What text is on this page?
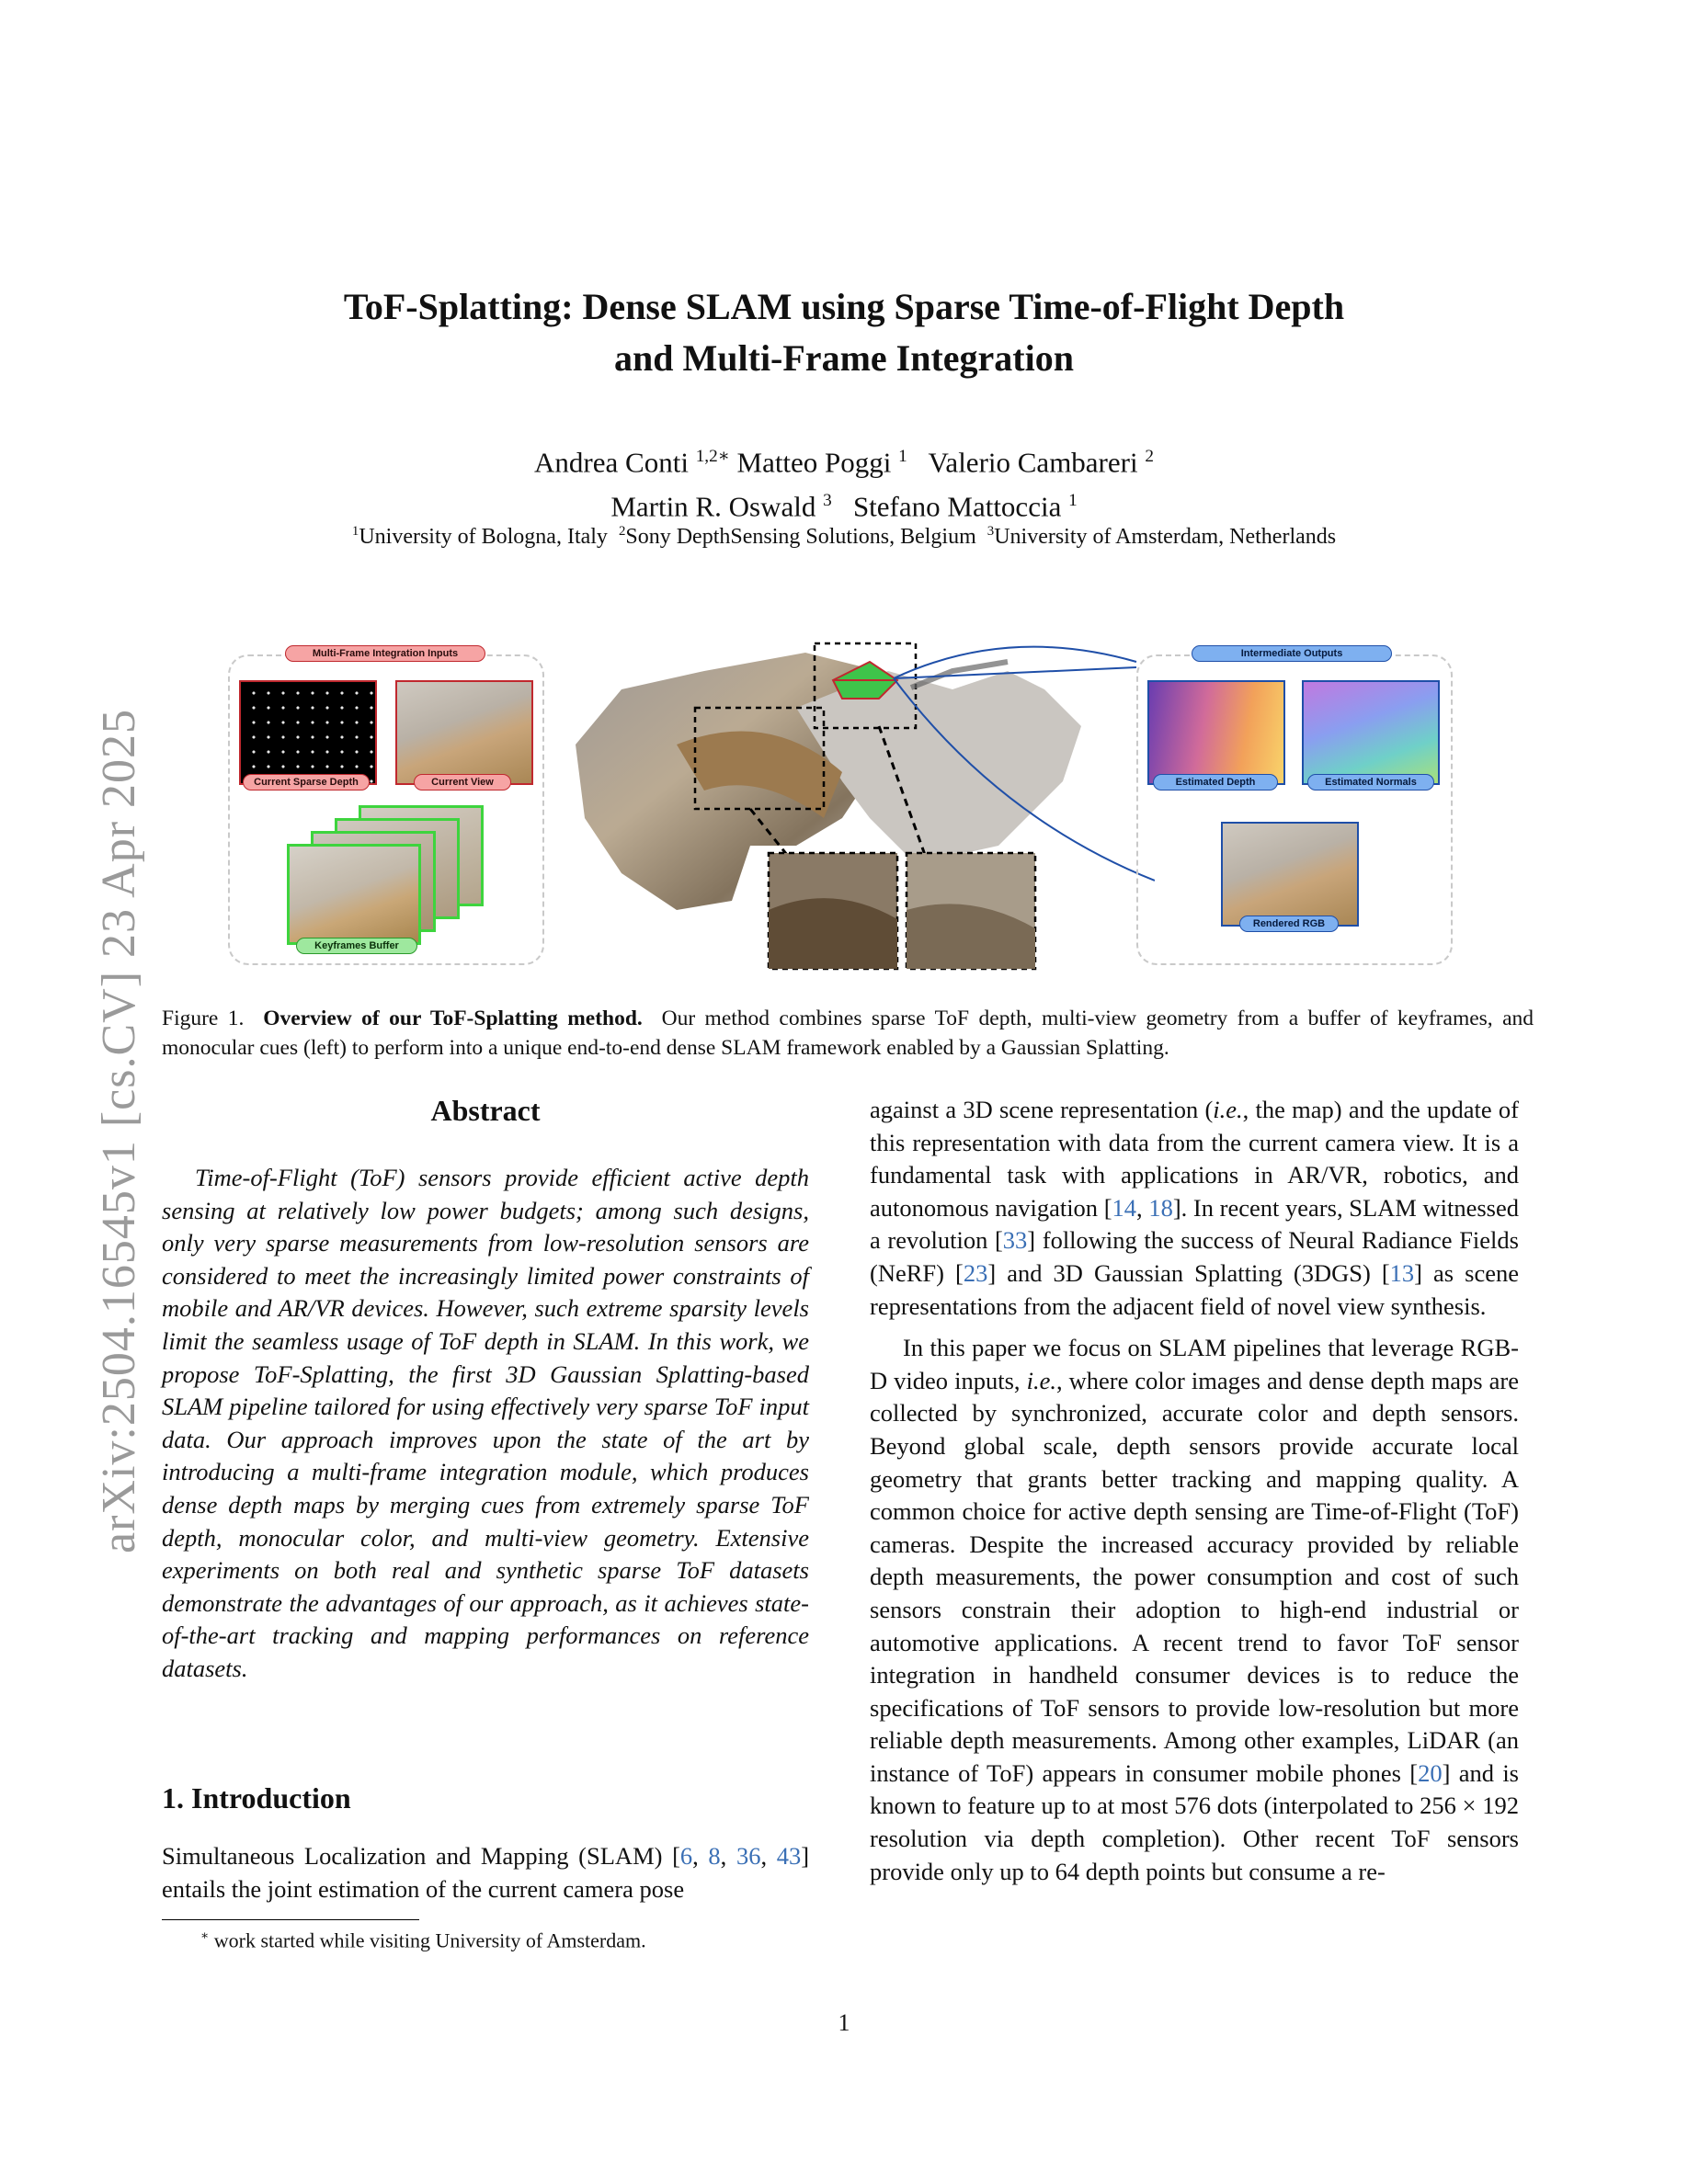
arXiv:2504.16545v1 [cs.CV] 23 Apr 2025
ToF-Splatting: Dense SLAM using Sparse Time-of-Flight Depth
and Multi-Frame Integration
Andrea Conti $^{1,2∗}$ Matteo Poggi $^1$ Valerio Cambareri $^2$
Martin R. Oswald $^3$ Stefano Mattoccia $^1$
$^1$University of Bologna, Italy $^2$Sony DepthSensing Solutions, Belgium $^3$University of Amsterdam, Netherlands
Multi-Frame Integration Inputs
Current Sparse Depth	Current View
Keyframes Buffer
Intermediate Outputs
Estimated Depth	Estimated Normals
Rendered RGB
Figure 1. Overview of our ToF-Splatting method. Our method combines sparse ToF depth, multi-view geometry from a buffer of keyframes, and monocular cues (left) to perform into a unique end-to-end dense SLAM framework enabled by a Gaussian Splatting.
Abstract
Time-of-Flight (ToF) sensors provide efficient active depth sensing at relatively low power budgets; among such designs, only very sparse measurements from low-resolution sensors are considered to meet the increasingly limited power constraints of mobile and AR/VR devices. However, such extreme sparsity levels limit the seamless usage of ToF depth in SLAM. In this work, we propose ToF-Splatting, the first 3D Gaussian Splatting-based SLAM pipeline tailored for using effectively very sparse ToF input data. Our approach improves upon the state of the art by introducing a multi-frame integration module, which produces dense depth maps by merging cues from extremely sparse ToF depth, monocular color, and multi-view geometry. Extensive experiments on both real and synthetic sparse ToF datasets demonstrate the advantages of our approach, as it achieves state-of-the-art tracking and mapping performances on reference datasets.
1. Introduction
Simultaneous Localization and Mapping (SLAM) [6, 8, 36, 43] entails the joint estimation of the current camera pose
∗ work started while visiting University of Amsterdam.

against a 3D scene representation (i.e., the map) and the update of this representation with data from the current camera view. It is a fundamental task with applications in AR/VR, robotics, and autonomous navigation [14, 18]. In recent years, SLAM witnessed a revolution [33] following the success of Neural Radiance Fields (NeRF) [23] and 3D Gaussian Splatting (3DGS) [13] as scene representations from the adjacent field of novel view synthesis.

In this paper we focus on SLAM pipelines that leverage RGB-D video inputs, i.e., where color images and dense depth maps are collected by synchronized, accurate color and depth sensors. Beyond global scale, depth sensors provide accurate local geometry that grants better tracking and mapping quality. A common choice for active depth sensing are Time-of-Flight (ToF) cameras. Despite the increased accuracy provided by reliable depth measurements, the power consumption and cost of such sensors constrain their adoption to high-end industrial or automotive applications. A recent trend to favor ToF sensor integration in handheld consumer devices is to reduce the specifications of ToF sensors to provide low-resolution but more reliable depth measurements. Among other examples, LiDAR (an instance of ToF) appears in consumer mobile phones [20] and is known to feature up to at most 576 dots (interpolated to 256 × 192 resolution via depth completion). Other recent ToF sensors provide only up to 64 depth points but consume a re-

1
